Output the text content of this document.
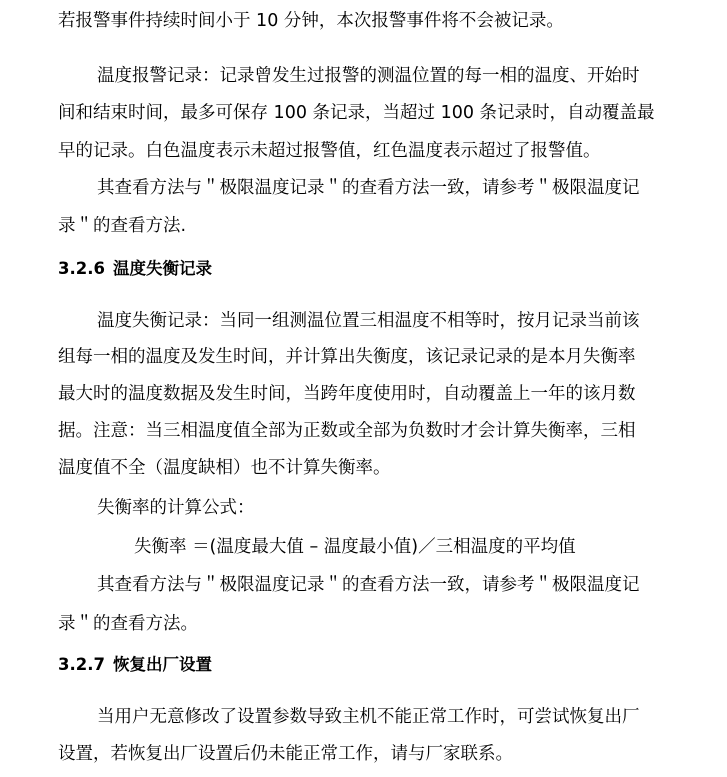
若报警事件持续时间小于 10 分钟，本次报警事件将不会被记录。
温度报警记录：记录曾发生过报警的测温位置的每一相的温度、开始时
间和结束时间，最多可保存 100 条记录，当超过 100 条记录时，自动覆盖最
早的记录。白色温度表示未超过报警值，红色温度表示超过了报警值。
其查看方法与＂极限温度记录＂的查看方法一致，请参考＂极限温度记
录＂的查看方法.
3.2.6 温度失衡记录
温度失衡记录：当同一组测温位置三相温度不相等时，按月记录当前该
组每一相的温度及发生时间，并计算出失衡度，该记录记录的是本月失衡率
最大时的温度数据及发生时间，当跨年度使用时，自动覆盖上一年的该月数
据。注意：当三相温度值全部为正数或全部为负数时才会计算失衡率，三相
温度值不全（温度缺相）也不计算失衡率。
失衡率的计算公式：
失衡率 ＝(温度最大值 – 温度最小值)／三相温度的平均值
其查看方法与＂极限温度记录＂的查看方法一致，请参考＂极限温度记
录＂的查看方法。
3.2.7 恢复出厂设置
当用户无意修改了设置参数导致主机不能正常工作时，可尝试恢复出厂
设置，若恢复出厂设置后仍未能正常工作，请与厂家联系。
